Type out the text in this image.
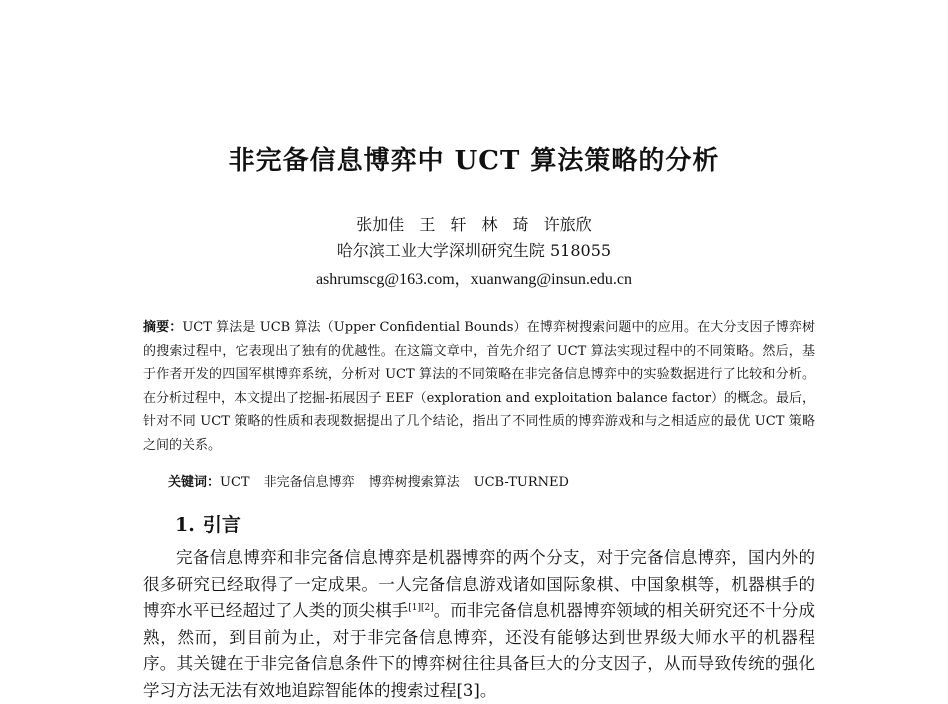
非完备信息博弈中 UCT 算法策略的分析
张加佳 王 轩 林 琦 许旅欣
哈尔滨工业大学深圳研究生院 518055
ashrumscg@163.com，xuanwang@insun.edu.cn
摘要：UCT 算法是 UCB 算法（Upper Confidential Bounds）在博弈树搜索问题中的应用。在大分支因子博弈树的搜索过程中，它表现出了独有的优越性。在这篇文章中，首先介绍了 UCT 算法实现过程中的不同策略。然后，基于作者开发的四国军棋博弈系统，分析对 UCT 算法的不同策略在非完备信息博弈中的实验数据进行了比较和分析。在分析过程中，本文提出了挖掘-拓展因子 EEF（exploration and exploitation balance factor）的概念。最后，针对不同 UCT 策略的性质和表现数据提出了几个结论，指出了不同性质的博弈游戏和与之相适应的最优 UCT 策略之间的关系。
关键词：UCT 非完备信息博弈 博弈树搜索算法 UCB-TURNED
1. 引言
完备信息博弈和非完备信息博弈是机器博弈的两个分支，对于完备信息博弈，国内外的很多研究已经取得了一定成果。一人完备信息游戏诸如国际象棋、中国象棋等，机器棋手的博弈水平已经超过了人类的顶尖棋手[1][2]。而非完备信息机器博弈领域的相关研究还不十分成熟，然而，到目前为止，对于非完备信息博弈，还没有能够达到世界级大师水平的机器程序。其关键在于非完备信息条件下的博弈树往往具备巨大的分支因子，从而导致传统的强化学习方法无法有效地追踪智能体的搜索过程[3]。
